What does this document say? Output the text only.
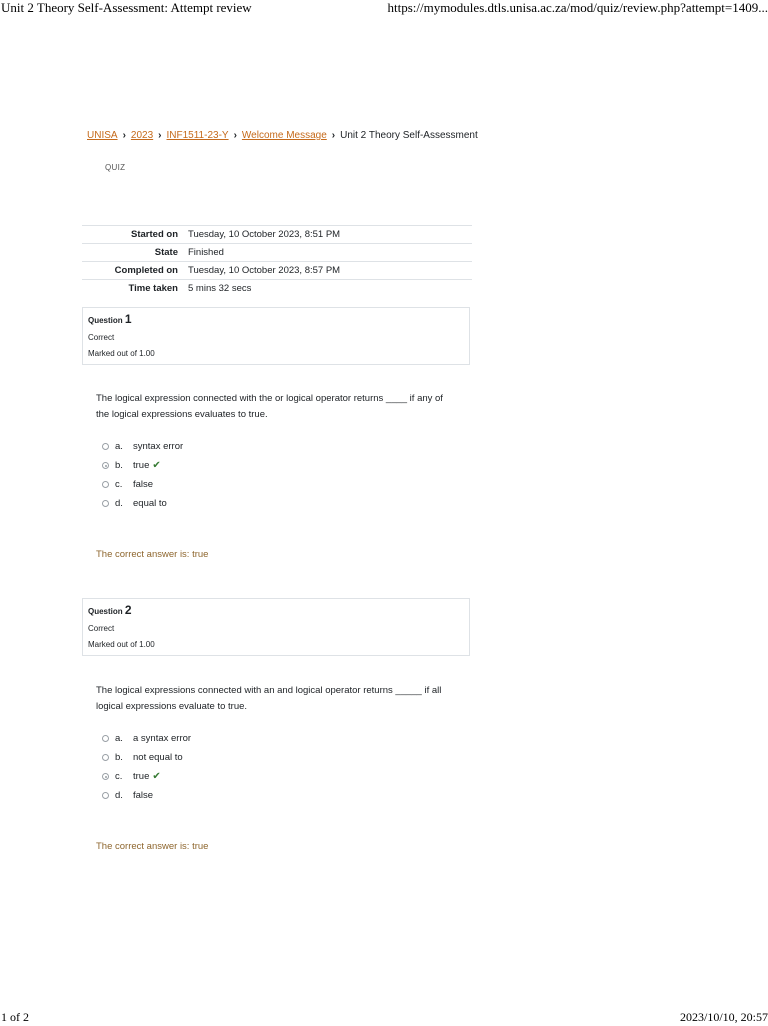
Unit 2 Theory Self-Assessment: Attempt review	https://mymodules.dtls.unisa.ac.za/mod/quiz/review.php?attempt=1409...
UNISA › 2023 › INF1511-23-Y › Welcome Message › Unit 2 Theory Self-Assessment
QUIZ
Started on	Tuesday, 10 October 2023, 8:51 PM
State	Finished
Completed on	Tuesday, 10 October 2023, 8:57 PM
Time taken	5 mins 32 secs
Question 1
Correct
Marked out of 1.00

The logical expression connected with the or logical operator returns ____ if any of the logical expressions evaluates to true.

a.	syntax error
b.	true ✔
c.	false
d.	equal to
The correct answer is: true
Question 2
Correct
Marked out of 1.00

The logical expressions connected with an and logical operator returns _____ if all logical expressions evaluate to true.

a.	a syntax error
b.	not equal to
c.	true ✔
d.	false
The correct answer is: true
1 of 2	2023/10/10, 20:57
